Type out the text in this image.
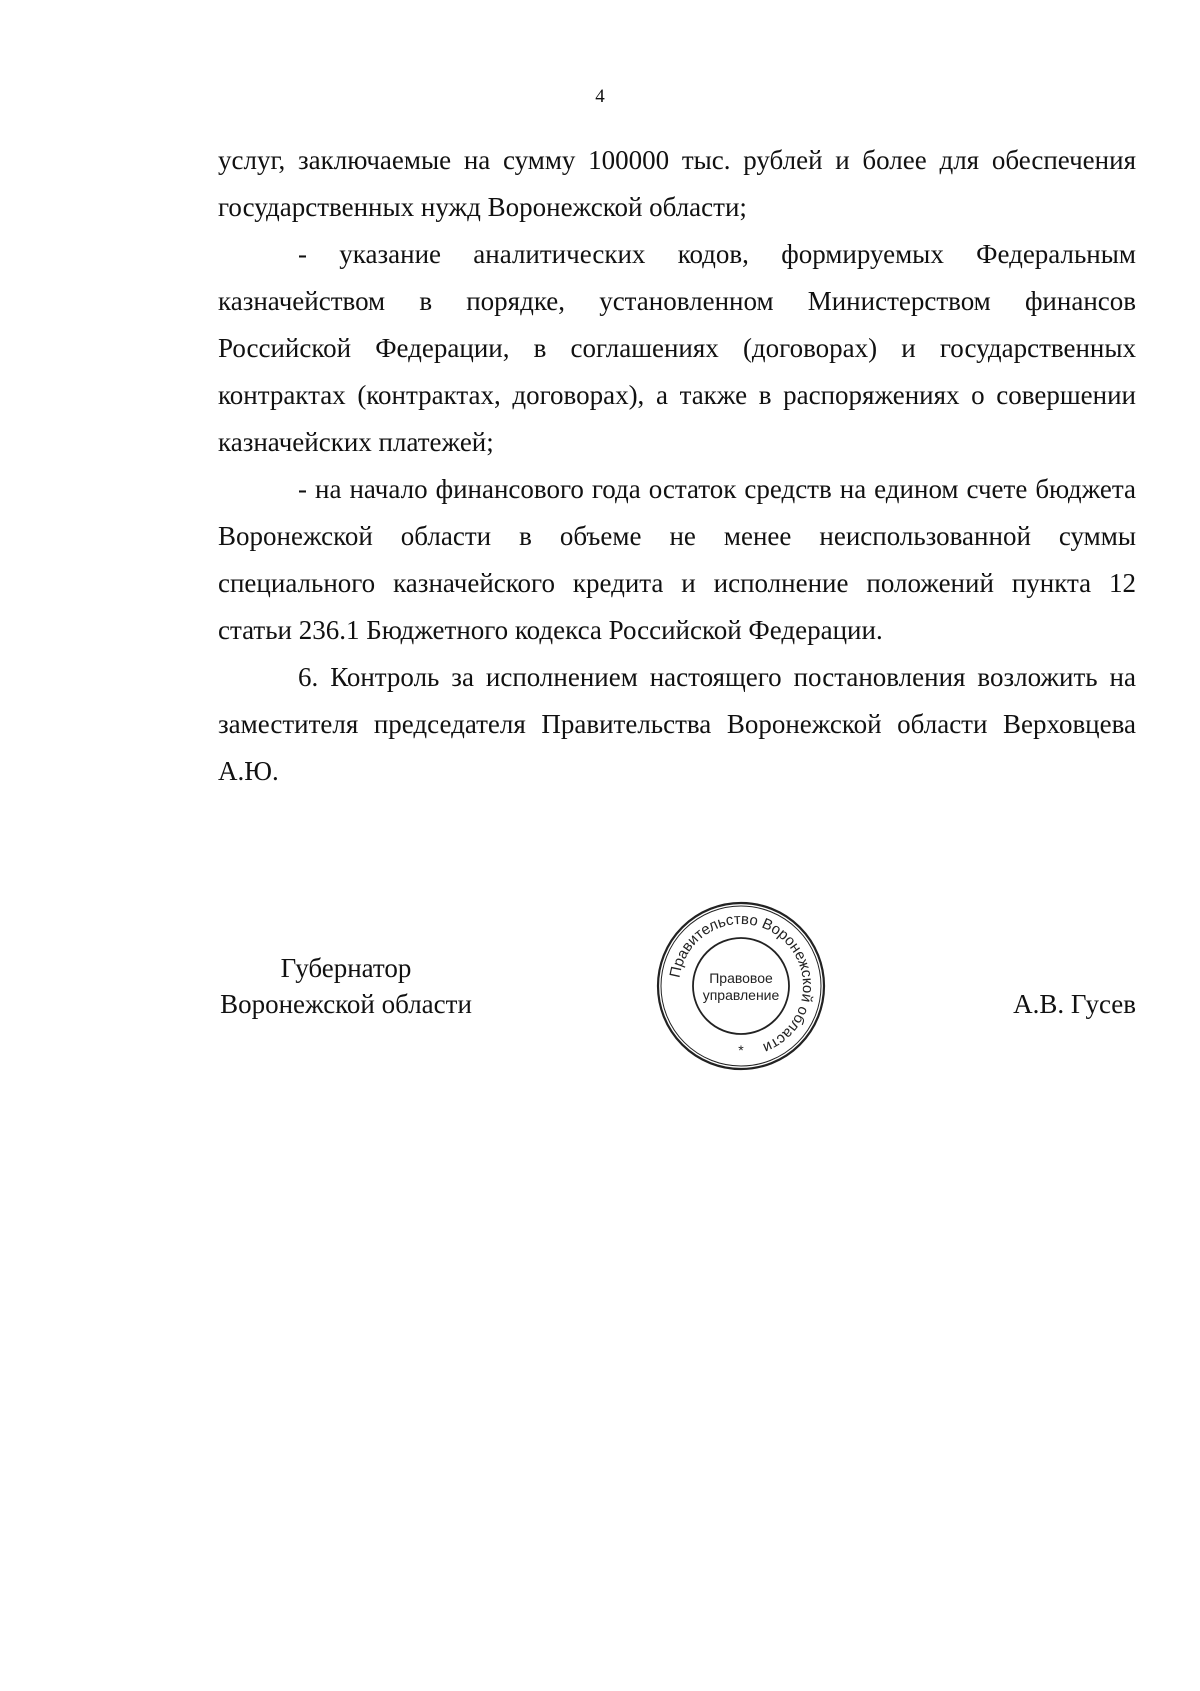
4

услуг, заключаемые на сумму 100000 тыс. рублей и более для обеспечения государственных нужд Воронежской области;

- указание аналитических кодов, формируемых Федеральным казначейством в порядке, установленном Министерством финансов Российской Федерации, в соглашениях (договорах) и государственных контрактах (контрактах, договорах), а также в распоряжениях о совершении казначейских платежей;

- на начало финансового года остаток средств на едином счете бюджета Воронежской области в объеме не менее неиспользованной суммы специального казначейского кредита и исполнение положений пункта 12 статьи 236.1 Бюджетного кодекса Российской Федерации.

6. Контроль за исполнением настоящего постановления возложить на заместителя председателя Правительства Воронежской области Верховцева А.Ю.

Губернатор
Воронежской области
Правительство Воронежской области
Правовое
управление
*
А.В. Гусев
